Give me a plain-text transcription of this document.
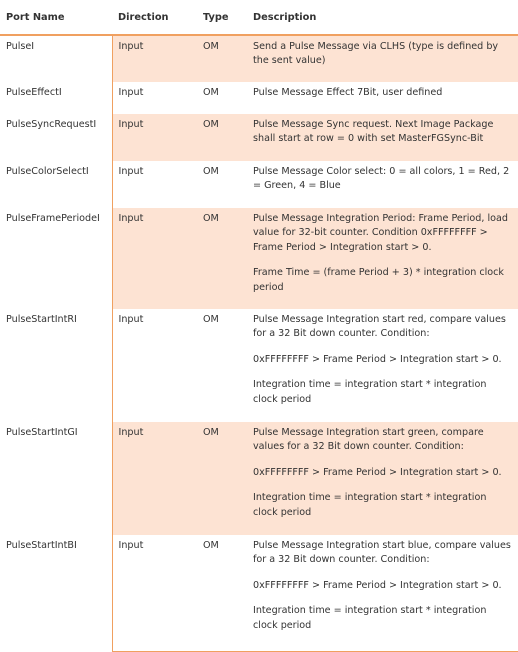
Port Name	Direction	Type	Description
PulseI	Input	OM	Send a Pulse Message via CLHS (type is defined by the sent value)

PulseEffectI	Input	OM	Pulse Message Effect 7Bit, user defined

PulseSyncRequestI	Input	OM	Pulse Message Sync request. Next Image Package shall start at row = 0 with set MasterFGSync-Bit

PulseColorSelectI	Input	OM	Pulse Message Color select: 0 = all colors, 1 = Red, 2 = Green, 4 = Blue

PulseFramePeriodeI	Input	OM	Pulse Message Integration Period: Frame Period, load value for 32-bit counter. Condition 0xFFFFFFFF > Frame Period > Integration start > 0.

Frame Time = (frame Period + 3) * integration clock period

PulseStartIntRI	Input	OM	Pulse Message Integration start red, compare values for a 32 Bit down counter. Condition:

0xFFFFFFFF > Frame Period > Integration start > 0.

Integration time = integration start * integration clock period

PulseStartIntGI	Input	OM	Pulse Message Integration start green, compare values for a 32 Bit down counter. Condition:

0xFFFFFFFF > Frame Period > Integration start > 0.

Integration time = integration start * integration clock period

PulseStartIntBI	Input	OM	Pulse Message Integration start blue, compare values for a 32 Bit down counter. Condition:

0xFFFFFFFF > Frame Period > Integration start > 0.

Integration time = integration start * integration clock period
